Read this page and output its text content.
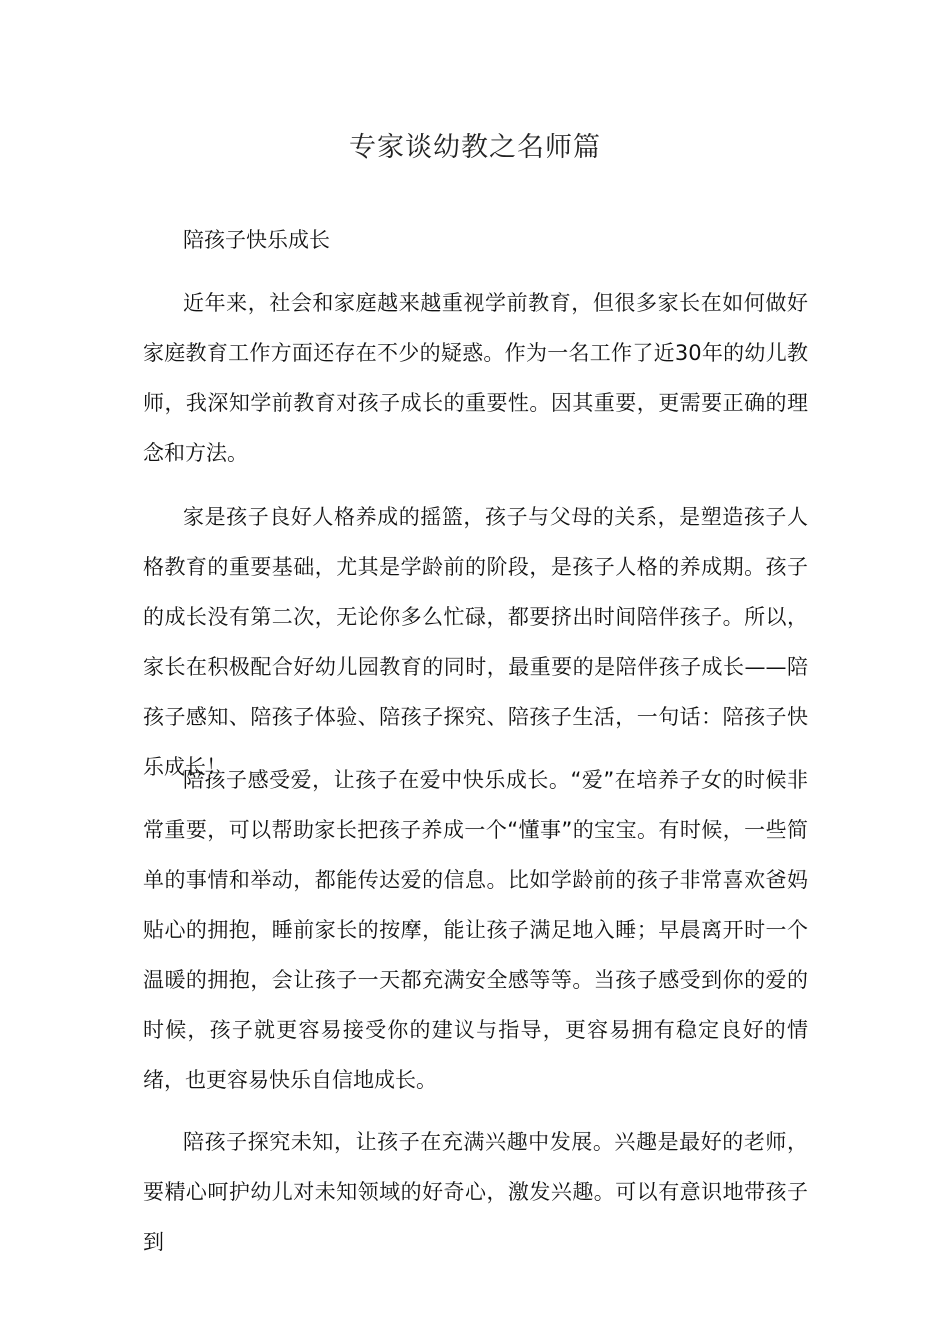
专家谈幼教之名师篇
陪孩子快乐成长

近年来，社会和家庭越来越重视学前教育，但很多家长在如何做好家庭教育工作方面还存在不少的疑惑。作为一名工作了近30年的幼儿教师，我深知学前教育对孩子成长的重要性。因其重要，更需要正确的理念和方法。

家是孩子良好人格养成的摇篮，孩子与父母的关系，是塑造孩子人格教育的重要基础，尤其是学龄前的阶段，是孩子人格的养成期。孩子的成长没有第二次，无论你多么忙碌，都要挤出时间陪伴孩子。所以，家长在积极配合好幼儿园教育的同时，最重要的是陪伴孩子成长——陪孩子感知、陪孩子体验、陪孩子探究、陪孩子生活，一句话：陪孩子快乐成长！

陪孩子感受爱，让孩子在爱中快乐成长。“爱”在培养子女的时候非常重要，可以帮助家长把孩子养成一个“懂事”的宝宝。有时候，一些简单的事情和举动，都能传达爱的信息。比如学龄前的孩子非常喜欢爸妈贴心的拥抱，睡前家长的按摩，能让孩子满足地入睡；早晨离开时一个温暖的拥抱，会让孩子一天都充满安全感等等。当孩子感受到你的爱的时候，孩子就更容易接受你的建议与指导，更容易拥有稳定良好的情绪，也更容易快乐自信地成长。

陪孩子探究未知，让孩子在充满兴趣中发展。兴趣是最好的老师，要精心呵护幼儿对未知领域的好奇心，激发兴趣。可以有意识地带孩子到
